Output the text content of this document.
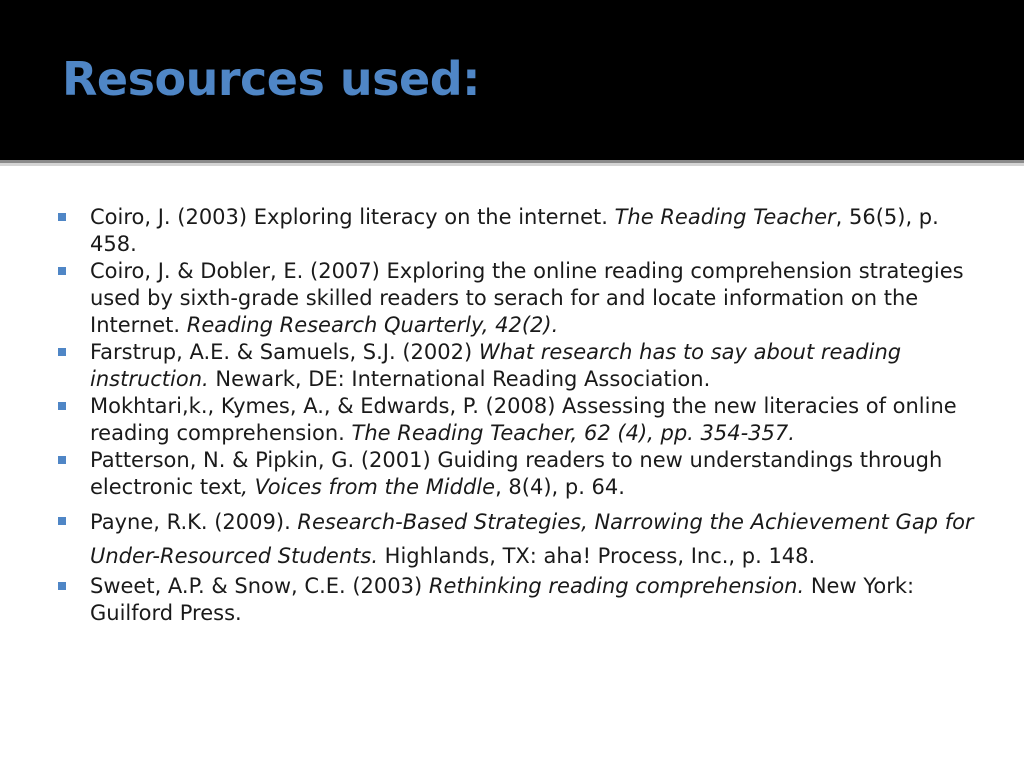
Resources used:
Coiro, J. (2003) Exploring literacy on the internet. The Reading Teacher, 56(5), p. 458.
Coiro, J. & Dobler, E. (2007) Exploring the online reading comprehension strategies used by sixth-grade skilled readers to serach for and locate information on the Internet. Reading Research Quarterly, 42(2).
Farstrup, A.E. & Samuels, S.J. (2002) What research has to say about reading instruction. Newark, DE: International Reading Association.
Mokhtari,k., Kymes, A., & Edwards, P. (2008) Assessing the new literacies of online reading comprehension. The Reading Teacher, 62 (4), pp. 354-357.
Patterson, N. & Pipkin, G. (2001) Guiding readers to new understandings through electronic text, Voices from the Middle, 8(4), p. 64.
Payne, R.K. (2009). Research-Based Strategies, Narrowing the Achievement Gap for Under-Resourced Students. Highlands, TX: aha! Process, Inc., p. 148.
Sweet, A.P. & Snow, C.E. (2003) Rethinking reading comprehension. New York: Guilford Press.
